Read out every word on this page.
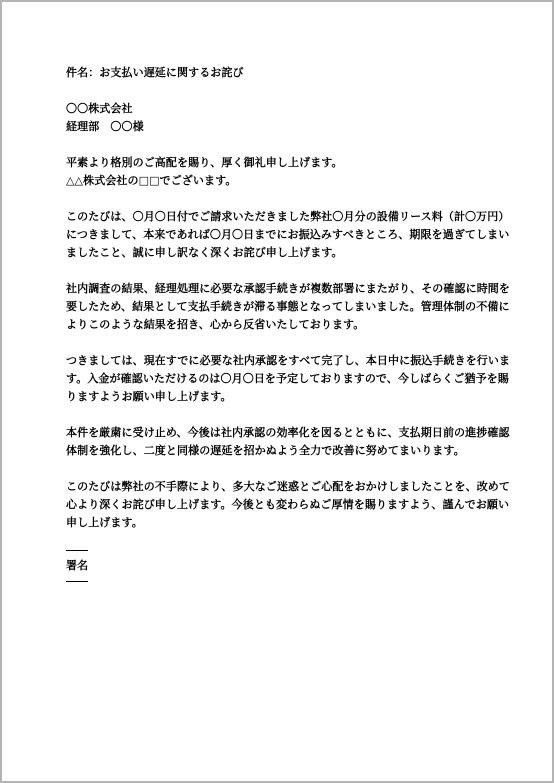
件名：お支払い遅延に関するお詫び
〇〇株式会社
経理部　〇〇様
平素より格別のご高配を賜り、厚く御礼申し上げます。
△△株式会社の□□でございます。
このたびは、〇月〇日付でご請求いただきました弊社〇月分の設備リース料（計〇万円）
につきまして、本来であれば〇月〇日までにお振込みすべきところ、期限を過ぎてしまい
ましたこと、誠に申し訳なく深くお詫び申し上げます。
社内調査の結果、経理処理に必要な承認手続きが複数部署にまたがり、その確認に時間を
要したため、結果として支払手続きが滞る事態となってしまいました。管理体制の不備に
よりこのような結果を招き、心から反省いたしております。
つきましては、現在すでに必要な社内承認をすべて完了し、本日中に振込手続きを行いま
す。入金が確認いただけるのは〇月〇日を予定しておりますので、今しばらくご猶予を賜
りますようお願い申し上げます。
本件を厳粛に受け止め、今後は社内承認の効率化を図るとともに、支払期日前の進捗確認
体制を強化し、二度と同様の遅延を招かぬよう全力で改善に努めてまいります。
このたびは弊社の不手際により、多大なご迷惑とご心配をおかけしましたことを、改めて
心より深くお詫び申し上げます。今後とも変わらぬご厚情を賜りますよう、謹んでお願い
申し上げます。
署名
